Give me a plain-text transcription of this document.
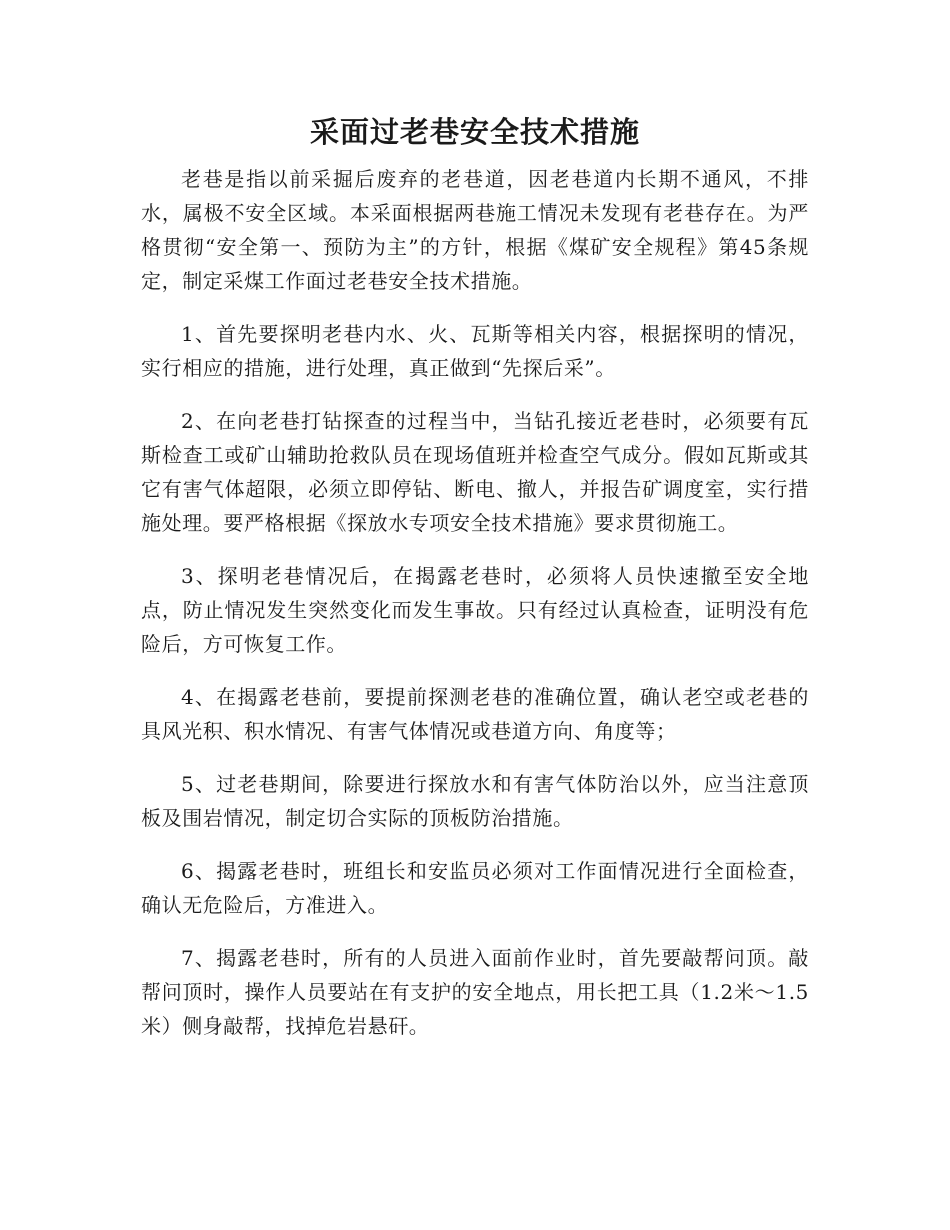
采面过老巷安全技术措施

老巷是指以前采掘后废弃的老巷道，因老巷道内长期不通风，不排水，属极不安全区域。本采面根据两巷施工情况未发现有老巷存在。为严格贯彻“安全第一、预防为主”的方针，根据《煤矿安全规程》第45条规定，制定采煤工作面过老巷安全技术措施。

1、首先要探明老巷内水、火、瓦斯等相关内容，根据探明的情况，实行相应的措施，进行处理，真正做到“先探后采”。

2、在向老巷打钻探查的过程当中，当钻孔接近老巷时，必须要有瓦斯检查工或矿山辅助抢救队员在现场值班并检查空气成分。假如瓦斯或其它有害气体超限，必须立即停钻、断电、撤人，并报告矿调度室，实行措施处理。要严格根据《探放水专项安全技术措施》要求贯彻施工。

3、探明老巷情况后，在揭露老巷时，必须将人员快速撤至安全地点，防止情况发生突然变化而发生事故。只有经过认真检查，证明没有危险后，方可恢复工作。

4、在揭露老巷前，要提前探测老巷的准确位置，确认老空或老巷的具风光积、积水情况、有害气体情况或巷道方向、角度等；

5、过老巷期间，除要进行探放水和有害气体防治以外，应当注意顶板及围岩情况，制定切合实际的顶板防治措施。

6、揭露老巷时，班组长和安监员必须对工作面情况进行全面检查，确认无危险后，方准进入。

7、揭露老巷时，所有的人员进入面前作业时，首先要敲帮问顶。敲帮问顶时，操作人员要站在有支护的安全地点，用长把工具（1.2米～1.5米）侧身敲帮，找掉危岩悬矸。
